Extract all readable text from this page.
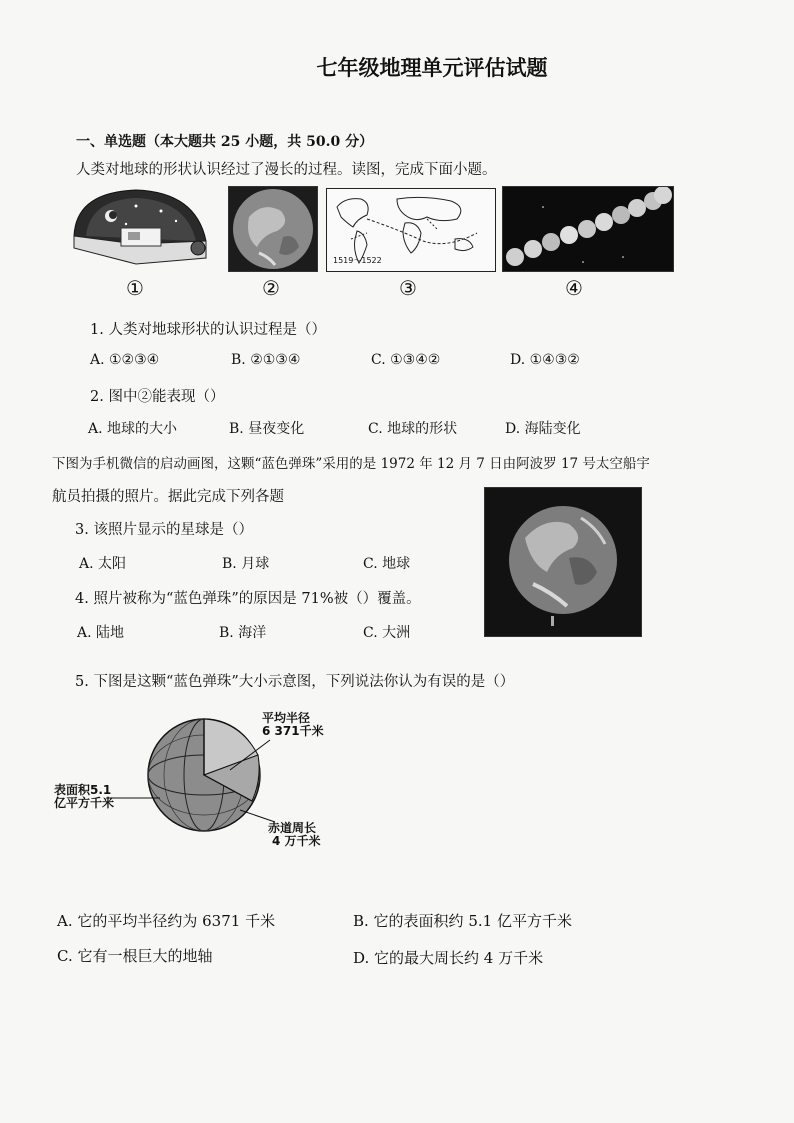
七年级地理单元评估试题
一、单选题（本大题共 25 小题，共 50.0 分）
人类对地球的形状认识经过了漫长的过程。读图，完成下面小题。
1519～1522
①	②	③	④
1. 人类对地球形状的认识过程是（）
A. ①②③④	B. ②①③④	C. ①③④②	D. ①④③②
2. 图中②能表现（）
A. 地球的大小	B. 昼夜变化	C. 地球的形状	D. 海陆变化
下图为手机微信的启动画图，这颗“蓝色弹珠”采用的是 1972 年 12 月 7 日由阿波罗 17 号太空船宇
航员拍摄的照片。据此完成下列各题
3. 该照片显示的星球是（）
A. 太阳	B. 月球	C. 地球
4. 照片被称为“蓝色弹珠”的原因是 71%被（）覆盖。
A. 陆地	B. 海洋	C. 大洲
5. 下图是这颗“蓝色弹珠”大小示意图，下列说法你认为有误的是（）
平均半径
6 371千米
表面积5.1
亿平方千米
赤道周长
4 万千米
A. 它的平均半径约为 6371 千米	B. 它的表面积约 5.1 亿平方千米
C. 它有一根巨大的地轴	D. 它的最大周长约 4 万千米
